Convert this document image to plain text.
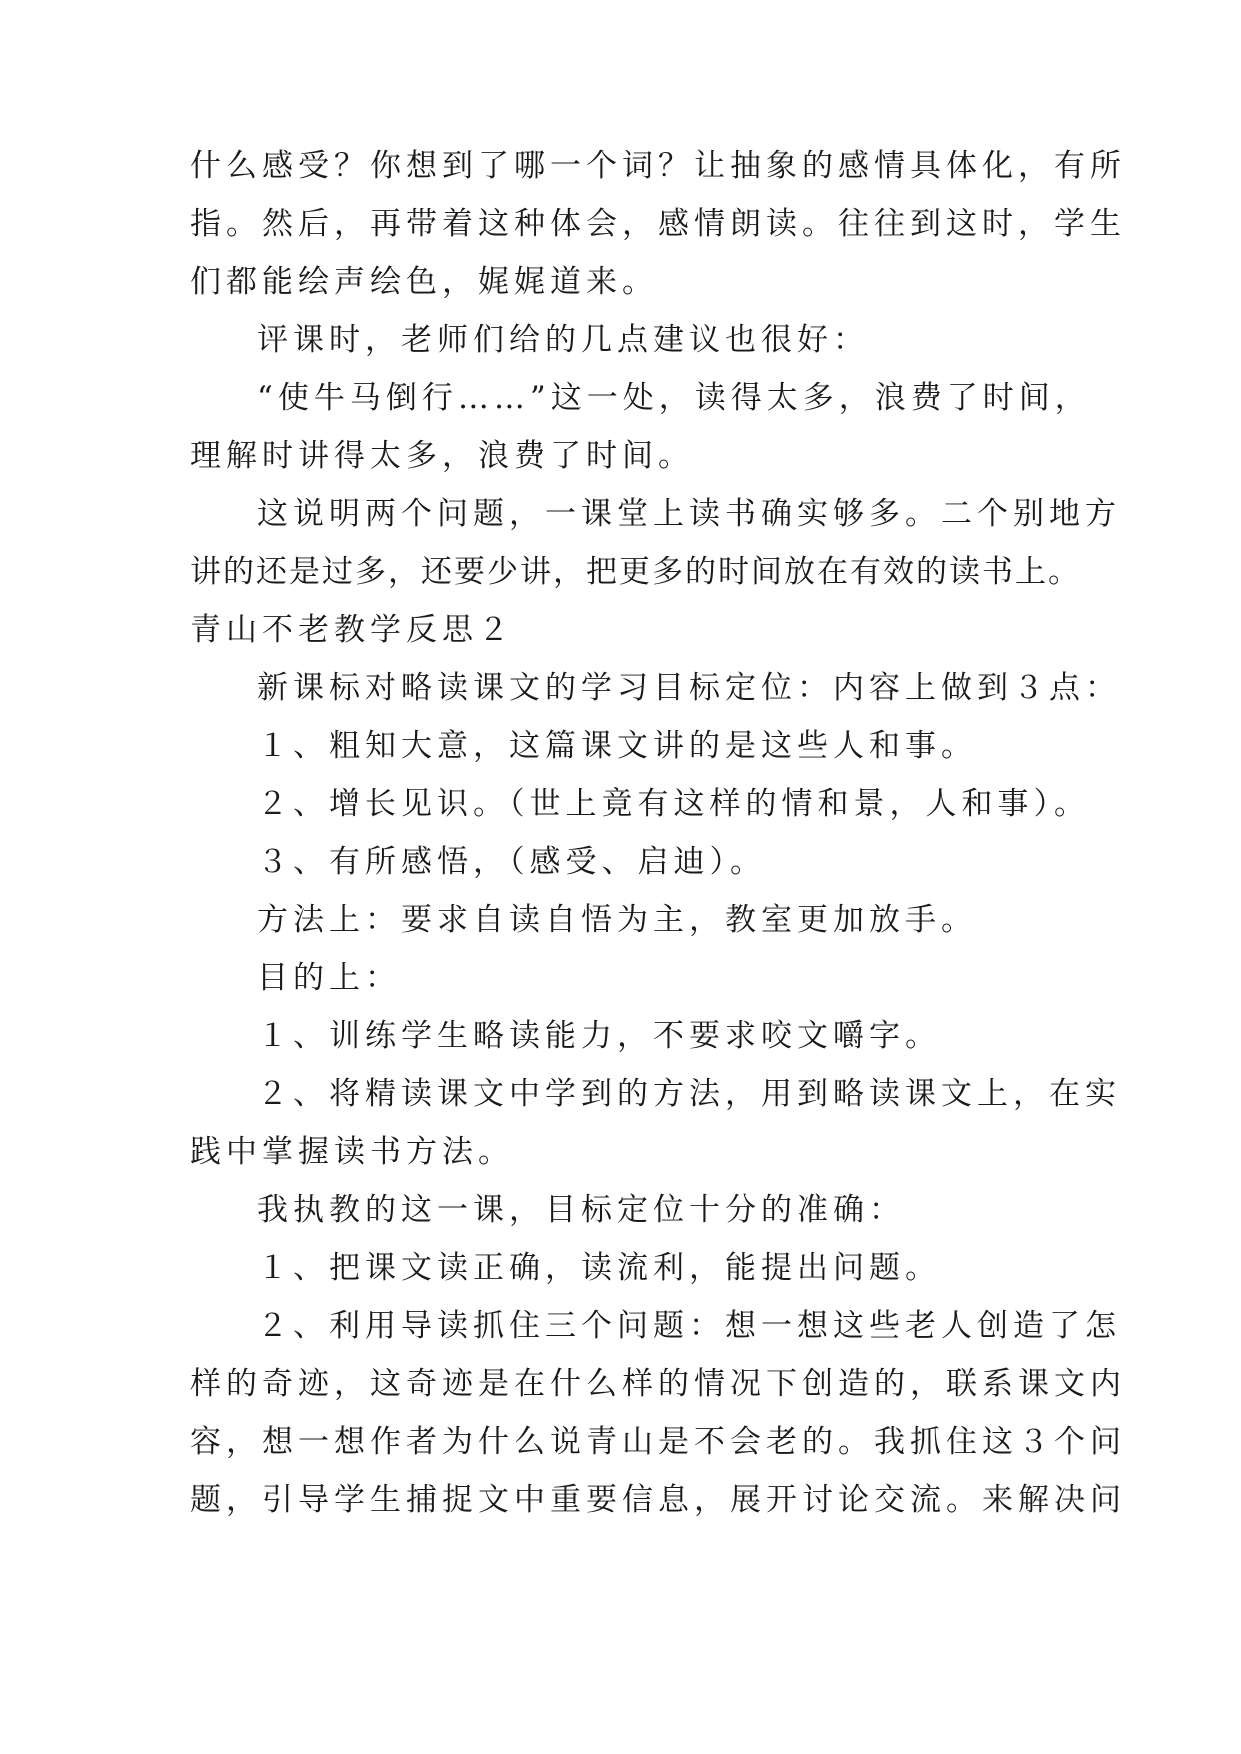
什么感受？你想到了哪一个词？让抽象的感情具体化，有所
指。然后，再带着这种体会，感情朗读。往往到这时，学生
们都能绘声绘色，娓娓道来。
评课时，老师们给的几点建议也很好：
“使牛马倒行……”这一处，读得太多，浪费了时间，
理解时讲得太多，浪费了时间。
这说明两个问题，一课堂上读书确实够多。二个别地方
讲的还是过多，还要少讲，把更多的时间放在有效的读书上。
青山不老教学反思２
新课标对略读课文的学习目标定位：内容上做到３点：
１、粗知大意，这篇课文讲的是这些人和事。
２、增长见识。（世上竟有这样的情和景，人和事）。
３、有所感悟，（感受、启迪）。
方法上：要求自读自悟为主，教室更加放手。
目的上：
１、训练学生略读能力，不要求咬文嚼字。
２、将精读课文中学到的方法，用到略读课文上，在实
践中掌握读书方法。
我执教的这一课，目标定位十分的准确：
１、把课文读正确，读流利，能提出问题。
２、利用导读抓住三个问题：想一想这些老人创造了怎
样的奇迹，这奇迹是在什么样的情况下创造的，联系课文内
容，想一想作者为什么说青山是不会老的。我抓住这３个问
题，引导学生捕捉文中重要信息，展开讨论交流。来解决问
